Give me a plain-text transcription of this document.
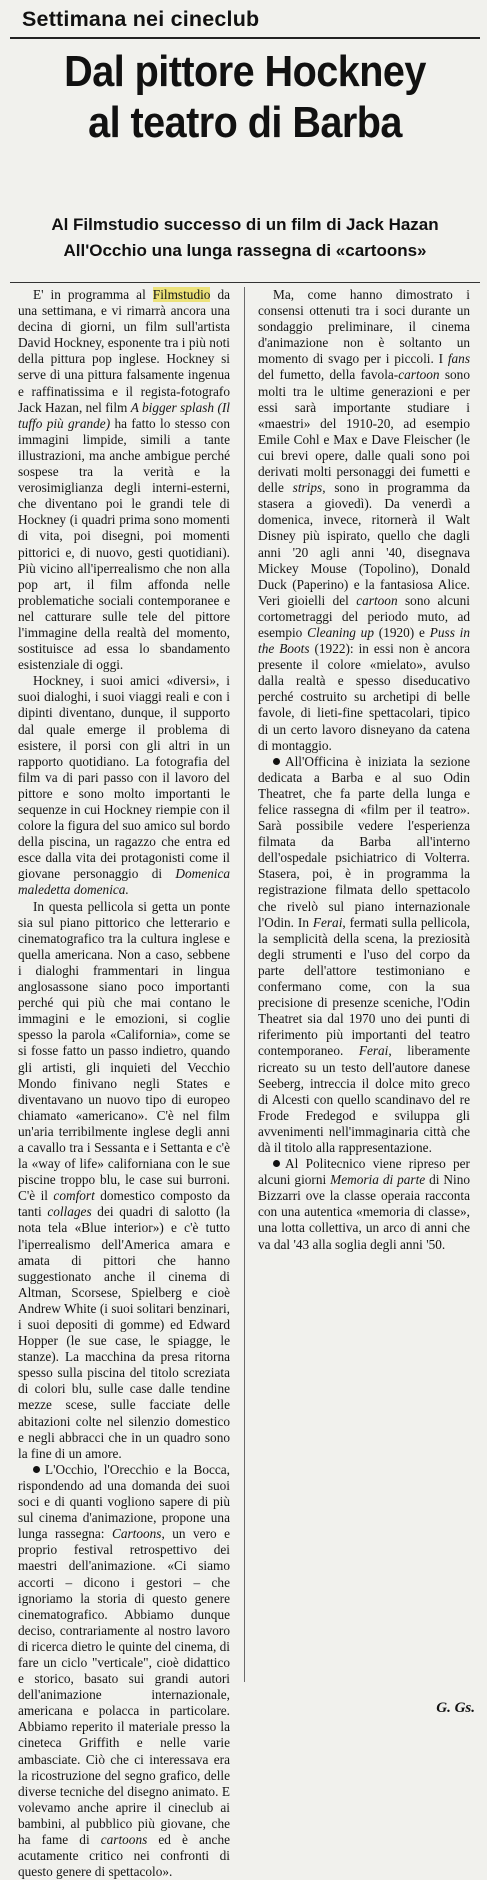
Settimana nei cineclub
Dal pittore Hockney
al teatro di Barba
Al Filmstudio successo di un film di Jack Hazan
All'Occhio una lunga rassegna di «cartoons»

E' in programma al Filmstudio da una settimana, e vi rimarrà ancora una decina di giorni, un film sull'artista David Hockney, esponente tra i più noti della pittura pop inglese. Hockney si serve di una pittura falsamente ingenua e raffinatissima e il regista-fotografo Jack Hazan, nel film A bigger splash (Il tuffo più grande) ha fatto lo stesso con immagini limpide, simili a tante illustrazioni, ma anche ambigue perché sospese tra la verità e la verosimiglianza degli interni-esterni, che diventano poi le grandi tele di Hockney (i quadri prima sono momenti di vita, poi disegni, poi momenti pittorici e, di nuovo, gesti quotidiani). Più vicino all'iperrealismo che non alla pop art, il film affonda nelle problematiche sociali contemporanee e nel catturare sulle tele del pittore l'immagine della realtà del momento, sostituisce ad essa lo sbandamento esistenziale di oggi.

Hockney, i suoi amici «diversi», i suoi dialoghi, i suoi viaggi reali e con i dipinti diventano, dunque, il supporto dal quale emerge il problema di esistere, il porsi con gli altri in un rapporto quotidiano. La fotografia del film va di pari passo con il lavoro del pittore e sono molto importanti le sequenze in cui Hockney riempie con il colore la figura del suo amico sul bordo della piscina, un ragazzo che entra ed esce dalla vita dei protagonisti come il giovane personaggio di Domenica maledetta domenica.

In questa pellicola si getta un ponte sia sul piano pittorico che letterario e cinematografico tra la cultura inglese e quella americana. Non a caso, sebbene i dialoghi frammentari in lingua anglosassone siano poco importanti perché qui più che mai contano le immagini e le emozioni, si coglie spesso la parola «California», come se si fosse fatto un passo indietro, quando gli artisti, gli inquieti del Vecchio Mondo finivano negli States e diventavano un nuovo tipo di europeo chiamato «americano». C'è nel film un'aria terribilmente inglese degli anni a cavallo tra i Sessanta e i Settanta e c'è la «way of life» californiana con le sue piscine troppo blu, le case sui burroni. C'è il comfort domestico composto da tanti collages dei quadri di salotto (la nota tela «Blue interior») e c'è tutto l'iperrealismo dell'America amara e amata di pittori che hanno suggestionato anche il cinema di Altman, Scorsese, Spielberg e cioè Andrew White (i suoi solitari benzinari, i suoi depositi di gomme) ed Edward Hopper (le sue case, le spiagge, le stanze). La macchina da presa ritorna spesso sulla piscina del titolo screziata di colori blu, sulle case dalle tendine mezze scese, sulle facciate delle abitazioni colte nel silenzio domestico e negli abbracci che in un quadro sono la fine di un amore.

L'Occhio, l'Orecchio e la Bocca, rispondendo ad una domanda dei suoi soci e di quanti vogliono sapere di più sul cinema d'animazione, propone una lunga rassegna: Cartoons, un vero e proprio festival retrospettivo dei maestri dell'animazione. «Ci siamo accorti – dicono i gestori – che ignoriamo la storia di questo genere cinematografico. Abbiamo dunque deciso, contrariamente al nostro lavoro di ricerca dietro le quinte del cinema, di fare un ciclo "verticale", cioè didattico e storico, basato sui grandi autori dell'animazione internazionale, americana e polacca in particolare. Abbiamo reperito il materiale presso la cineteca Griffith e nelle varie ambasciate. Ciò che ci interessava era la ricostruzione del segno grafico, delle diverse tecniche del disegno animato. E volevamo anche aprire il cineclub ai bambini, al pubblico più giovane, che ha fame di cartoons ed è anche acutamente critico nei confronti di questo genere di spettacolo».

Ma, come hanno dimostrato i consensi ottenuti tra i soci durante un sondaggio preliminare, il cinema d'animazione non è soltanto un momento di svago per i piccoli. I fans del fumetto, della favola-cartoon sono molti tra le ultime generazioni e per essi sarà importante studiare i «maestri» del 1910-20, ad esempio Emile Cohl e Max e Dave Fleischer (le cui brevi opere, dalle quali sono poi derivati molti personaggi dei fumetti e delle strips, sono in programma da stasera a giovedì). Da venerdì a domenica, invece, ritornerà il Walt Disney più ispirato, quello che dagli anni '20 agli anni '40, disegnava Mickey Mouse (Topolino), Donald Duck (Paperino) e la fantasiosa Alice. Veri gioielli del cartoon sono alcuni cortometraggi del periodo muto, ad esempio Cleaning up (1920) e Puss in the Boots (1922): in essi non è ancora presente il colore «mielato», avulso dalla realtà e spesso diseducativo perché costruito su archetipi di belle favole, di lieti-fine spettacolari, tipico di un certo lavoro disneyano da catena di montaggio.

All'Officina è iniziata la sezione dedicata a Barba e al suo Odin Theatret, che fa parte della lunga e felice rassegna di «film per il teatro». Sarà possibile vedere l'esperienza filmata da Barba all'interno dell'ospedale psichiatrico di Volterra. Stasera, poi, è in programma la registrazione filmata dello spettacolo che rivelò sul piano internazionale l'Odin. In Ferai, fermati sulla pellicola, la semplicità della scena, la preziosità degli strumenti e l'uso del corpo da parte dell'attore testimoniano e confermano come, con la sua precisione di presenze sceniche, l'Odin Theatret sia dal 1970 uno dei punti di riferimento più importanti del teatro contemporaneo. Ferai, liberamente ricreato su un testo dell'autore danese Seeberg, intreccia il dolce mito greco di Alcesti con quello scandinavo del re Frode Fredegod e sviluppa gli avvenimenti nell'immaginaria città che dà il titolo alla rappresentazione.

Al Politecnico viene ripreso per alcuni giorni Memoria di parte di Nino Bizzarri ove la classe operaia racconta con una autentica «memoria di classe», una lotta collettiva, un arco di anni che va dal '43 alla soglia degli anni '50.

G. Gs.
